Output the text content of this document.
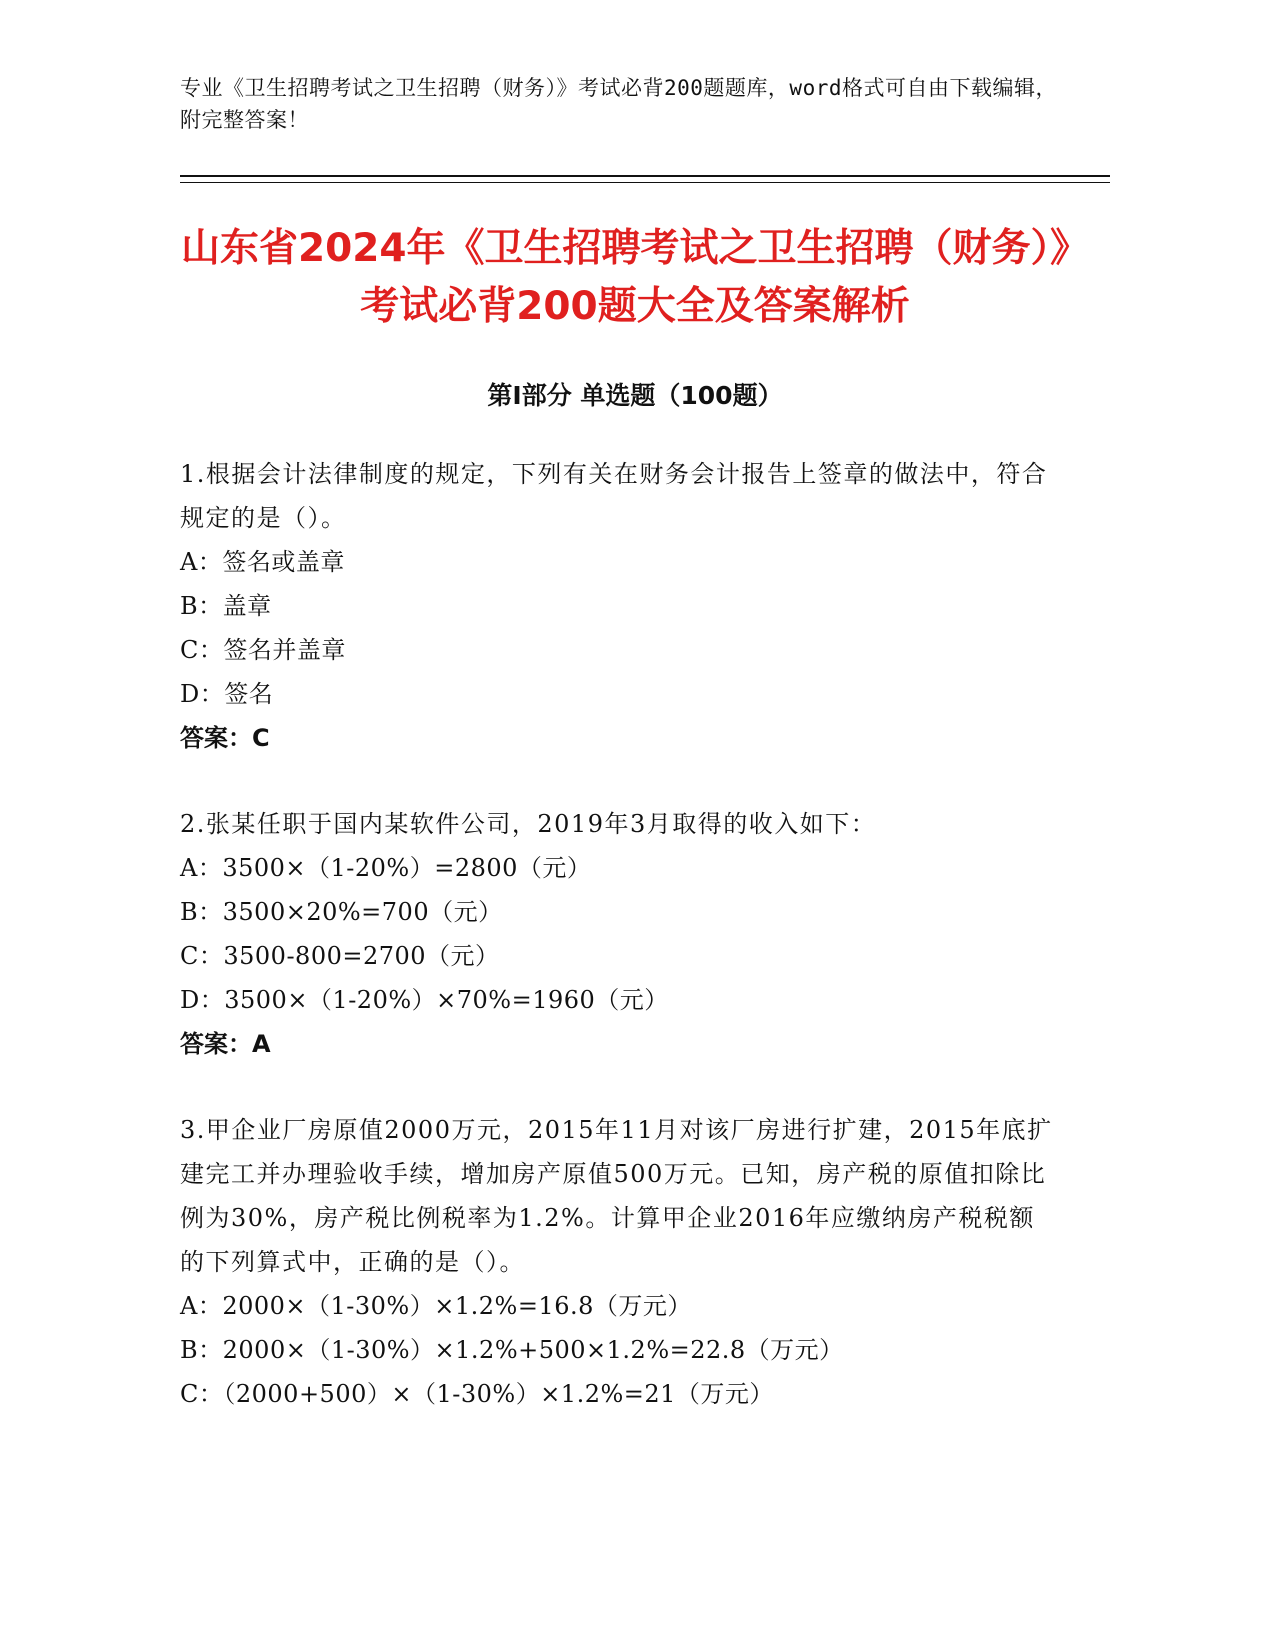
专业《卫生招聘考试之卫生招聘（财务）》考试必背200题题库，word格式可自由下载编辑，附完整答案！
山东省2024年《卫生招聘考试之卫生招聘（财务）》考试必背200题大全及答案解析
第I部分 单选题（100题）
1.根据会计法律制度的规定，下列有关在财务会计报告上签章的做法中，符合规定的是（）。
A：签名或盖章
B：盖章
C：签名并盖章
D：签名
答案：C
2.张某任职于国内某软件公司，2019年3月取得的收入如下：
A：3500×（1-20%）=2800（元）
B：3500×20%=700（元）
C：3500-800=2700（元）
D：3500×（1-20%）×70%=1960（元）
答案：A
3.甲企业厂房原值2000万元，2015年11月对该厂房进行扩建，2015年底扩建完工并办理验收手续，增加房产原值500万元。已知，房产税的原值扣除比例为30%，房产税比例税率为1.2%。计算甲企业2016年应缴纳房产税税额的下列算式中，正确的是（）。
A：2000×（1-30%）×1.2%=16.8（万元）
B：2000×（1-30%）×1.2%+500×1.2%=22.8（万元）
C：（2000+500）×（1-30%）×1.2%=21（万元）
